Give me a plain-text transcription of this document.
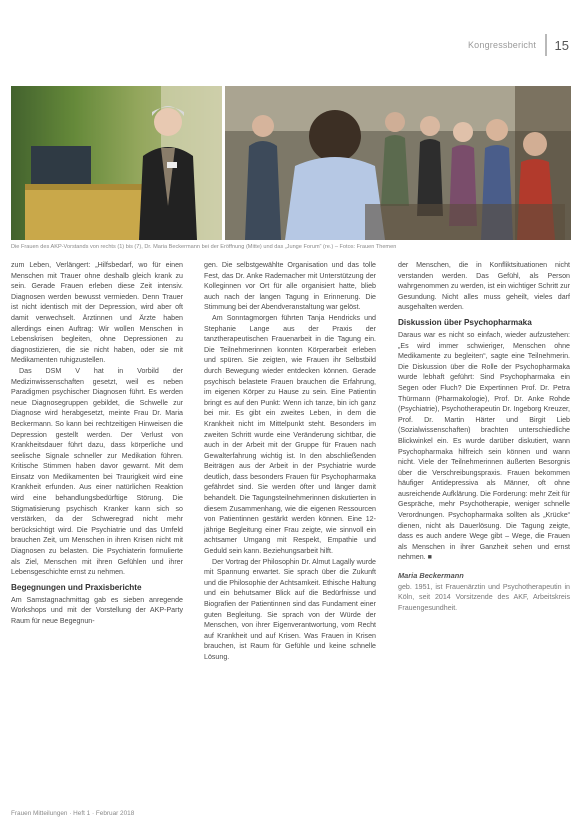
Kongressbericht 15
Die Frauen des AKP-Vorstands von rechts (1) bis (7), Dr. Maria Beckermann bei der Eröffnung (Mitte) und das „Junge Forum“ (re.) – Fotos: Frauen Themen

zum Leben, Verlängert: „Hilfsbedarf, wo für einen Menschen mit Trauer ohne deshalb gleich krank zu sein. Gerade Frauen erleben diese Zeit intensiv. Diagnosen werden bewusst vermieden. Denn Trauer ist nicht identisch mit der Depression, wird aber oft damit verwechselt. Ärztinnen und Ärzte haben allerdings einen Auftrag: Wir wollen Menschen in Lebenskrisen begleiten, ohne Depressionen zu diagnostizieren, die sie nicht haben, oder sie mit Medikamenten ruhigzustellen.

Das DSM V hat in Vorbild der Medizinwissenschaften gesetzt, weil es neben Paradigmen psychischer Diagnosen führt. Es werden neue Diagnosegruppen gebildet, die Schwelle zur Diagnose wird herabgesetzt, meinte Frau Dr. Maria Beckermann. So kann bei rechtzeitigen Hinweisen die Depression gestellt werden. Der Verlust von Krankheitsdauer führt dazu, dass körperliche und seelische Signale schneller zur Medikation führen. Kritische Stimmen haben davor gewarnt. Mit dem Einsatz von Medikamenten bei Traurigkeit wird eine Krankheit erfunden. Aus einer natürlichen Reaktion wird eine behandlungsbedürftige Störung. Die Stigmatisierung psychisch Kranker kann sich so verstärken, da der Schweregrad nicht mehr berücksichtigt wird. Die Psychiatrie und das Umfeld brauchen Zeit, um Menschen in ihren Krisen nicht mit Diagnosen zu belasten. Die Psychiaterin formulierte als Ziel, Menschen mit ihren Gefühlen und ihrer Lebensgeschichte ernst zu nehmen.

Begegnungen und Praxisberichte

Am Samstagnachmittag gab es sieben anregende Workshops und mit der Vorstellung der AKP-Party Raum für neue Begegnun-

gen. Die selbstgewählte Organisation und das tolle Fest, das Dr. Anke Rademacher mit Unterstützung der Kolleginnen vor Ort für alle organisiert hatte, blieb auch nach der langen Tagung in Erinnerung. Die Stimmung bei der Abendveranstaltung war gelöst.

Am Sonntagmorgen führten Tanja Hendricks und Stephanie Lange aus der Praxis der tanztherapeutischen Frauenarbeit in die Tagung ein. Die Teilnehmerinnen konnten Körperarbeit erleben und spüren. Sie zeigten, wie Frauen ihr Selbstbild durch Bewegung wieder entdecken können. Gerade psychisch belastete Frauen brauchen die Erfahrung, im eigenen Körper zu Hause zu sein. Eine Patientin bringt es auf den Punkt: Wenn ich tanze, bin ich ganz bei mir. Es gibt ein zweites Leben, in dem die Krankheit nicht im Mittelpunkt steht. Besonders im zweiten Schritt wurde eine Veränderung sichtbar, die auch in der Arbeit mit der Gruppe für Frauen nach Gewalterfahrung wichtig ist. In den abschließenden Beiträgen aus der Arbeit in der Psychiatrie wurde deutlich, dass besonders Frauen für Psychopharmaka gefährdet sind. Sie werden öfter und länger damit behandelt. Die Tagungsteilnehmerinnen diskutierten in diesem Zusammenhang, wie die eigenen Ressourcen von Patientinnen gestärkt werden können. Eine 12-jährige Begleitung einer Frau zeigte, wie sinnvoll ein achtsamer Umgang mit Respekt, Empathie und Geduld sein kann. Beziehungsarbeit hilft.

Der Vortrag der Philosophin Dr. Almut Lagally wurde mit Spannung erwartet. Sie sprach über die Zukunft und die Philosophie der Achtsamkeit. Ethische Haltung und ein behutsamer Blick auf die Bedürfnisse und Biografien der Patientinnen sind das Fundament einer guten Begleitung. Sie sprach von der Würde der Menschen, von ihrer Eigenverantwortung, vom Recht auf Krankheit und auf Krisen. Was Frauen in Krisen brauchen, ist Raum für Gefühle und keine schnelle Lösung.

der Menschen, die in Konfliktsituationen nicht verstanden werden. Das Gefühl, als Person wahrgenommen zu werden, ist ein wichtiger Schritt zur Gesundung. Nicht alles muss geheilt, vieles darf ausgehalten werden.

Diskussion über Psychopharmaka

Daraus war es nicht so einfach, wieder aufzustehen: „Es wird immer schwieriger, Menschen ohne Medikamente zu begleiten“, sagte eine Teilnehmerin. Die Diskussion über die Rolle der Psychopharmaka wurde lebhaft geführt: Sind Psychopharmaka ein Segen oder Fluch? Die Expertinnen Prof. Dr. Petra Thürmann (Pharmakologie), Prof. Dr. Anke Rohde (Psychiatrie), Psychotherapeutin Dr. Ingeborg Kreuzer, Prof. Dr. Martin Härter und Birgit Lieb (Sozialwissenschaften) brachten unterschiedliche Blickwinkel ein. Es wurde darüber diskutiert, wann Psychopharmaka hilfreich sein können und wann nicht. Viele der Teilnehmerinnen äußerten Besorgnis über die Verschreibungspraxis. Frauen bekommen häufiger Antidepressiva als Männer, oft ohne ausreichende Aufklärung. Die Forderung: mehr Zeit für Gespräche, mehr Psychotherapie, weniger schnelle Verordnungen. Psychopharmaka sollten als „Krücke“ dienen, nicht als Dauerlösung. Die Tagung zeigte, dass es auch andere Wege gibt – Wege, die Frauen als Menschen in ihrer Ganzheit sehen und ernst nehmen. ■

Maria Beckermann

geb. 1951, ist Frauenärztin und Psychotherapeutin in Köln, seit 2014 Vorsitzende des AKF, Arbeitskreis Frauengesundheit.

Frauen Mitteilungen · Heft 1 · Februar 2018
